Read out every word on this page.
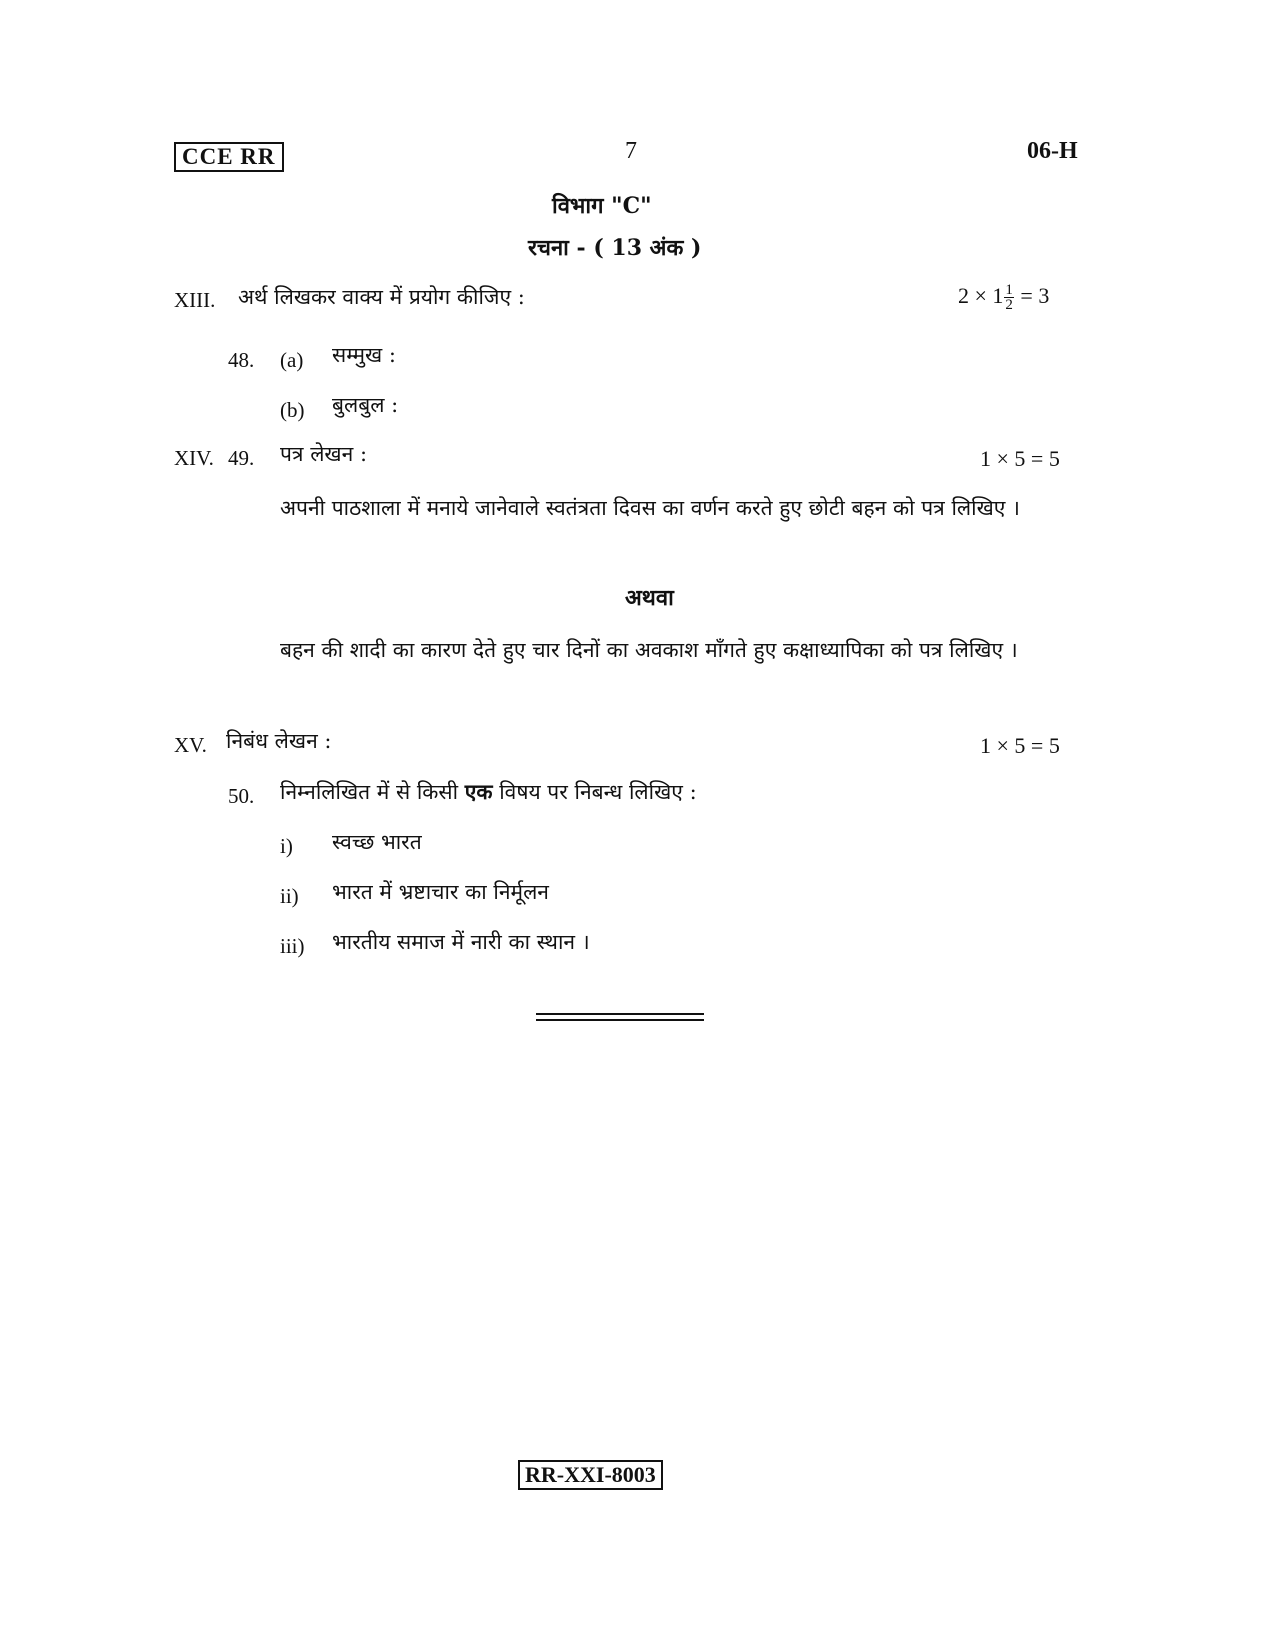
CCE RR	7	06-H
विभाग "C"
रचना - ( 13 अंक )
XIII. अर्थ लिखकर वाक्य में प्रयोग कीजिए :	$2 \times 1 \frac{1}{2} = 3$
48. (a) सम्मुख :
(b) बुलबुल :
XIV. 49. पत्र लेखन :	1 × 5 = 5
अपनी पाठशाला में मनाये जानेवाले स्वतंत्रता दिवस का वर्णन करते हुए छोटी बहन को पत्र लिखिए ।
अथवा
बहन की शादी का कारण देते हुए चार दिनों का अवकाश माँगते हुए कक्षाध्यापिका को पत्र लिखिए ।
XV. निबंध लेखन :	1 × 5 = 5
50. निम्नलिखित में से किसी एक विषय पर निबन्ध लिखिए :
i) स्वच्छ भारत
ii) भारत में भ्रष्टाचार का निर्मूलन
iii) भारतीय समाज में नारी का स्थान ।
RR-XXI-8003
